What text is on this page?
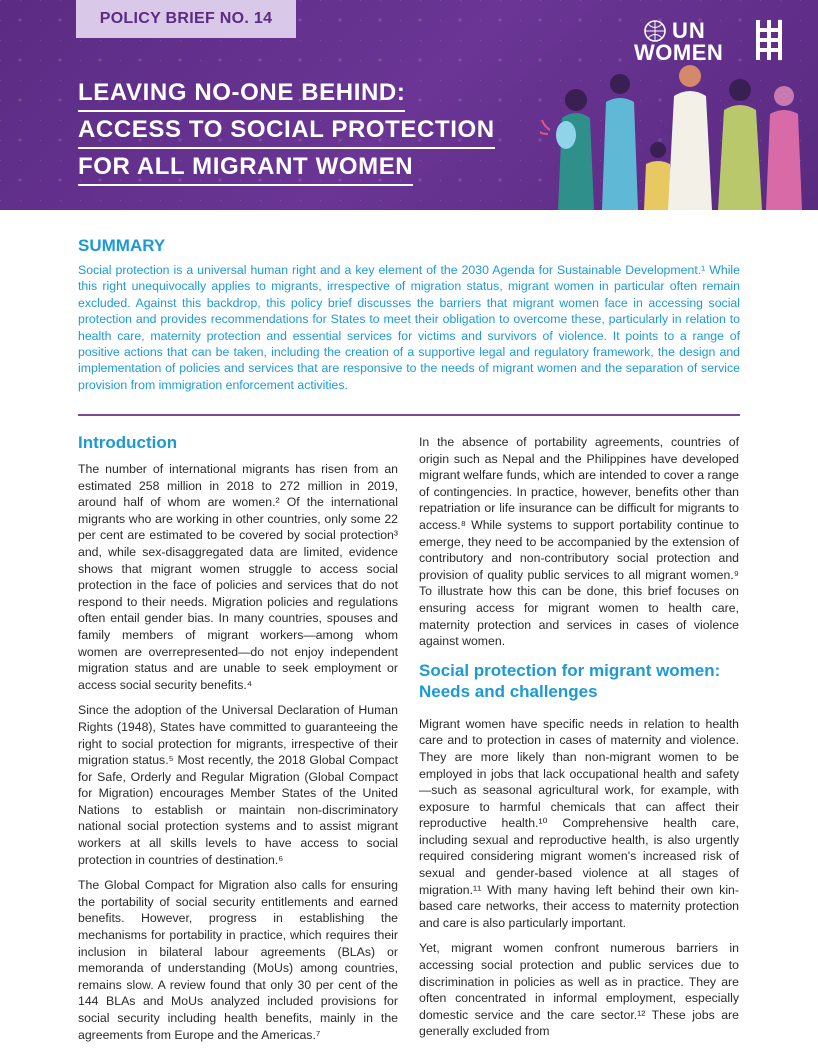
POLICY BRIEF NO. 14	UN
WOMEN
LEAVING NO-ONE BEHIND:
ACCESS TO SOCIAL PROTECTION
FOR ALL MIGRANT WOMEN
SUMMARY

Social protection is a universal human right and a key element of the 2030 Agenda for Sustainable Development.¹ While this right unequivocally applies to migrants, irrespective of migration status, migrant women in particular often remain excluded. Against this backdrop, this policy brief discusses the barriers that migrant women face in accessing social protection and provides recommendations for States to meet their obligation to overcome these, particularly in relation to health care, maternity protection and essential services for victims and survivors of violence. It points to a range of positive actions that can be taken, including the creation of a supportive legal and regulatory framework, the design and implementation of policies and services that are responsive to the needs of migrant women and the separation of service provision from immigration enforcement activities.

Introduction

The number of international migrants has risen from an estimated 258 million in 2018 to 272 million in 2019, around half of whom are women.² Of the international migrants who are working in other countries, only some 22 per cent are estimated to be covered by social protection³ and, while sex-disaggregated data are limited, evidence shows that migrant women struggle to access social protection in the face of policies and services that do not respond to their needs. Migration policies and regulations often entail gender bias. In many countries, spouses and family members of migrant workers—among whom women are overrepresented—do not enjoy independent migration status and are unable to seek employment or access social security benefits.⁴

Since the adoption of the Universal Declaration of Human Rights (1948), States have committed to guaranteeing the right to social protection for migrants, irrespective of their migration status.⁵ Most recently, the 2018 Global Compact for Safe, Orderly and Regular Migration (Global Compact for Migration) encourages Member States of the United Nations to establish or maintain non-discriminatory national social protection systems and to assist migrant workers at all skills levels to have access to social protection in countries of destination.⁶

The Global Compact for Migration also calls for ensuring the portability of social security entitlements and earned benefits. However, progress in establishing the mechanisms for portability in practice, which requires their inclusion in bilateral labour agreements (BLAs) or memoranda of understanding (MoUs) among countries, remains slow. A review found that only 30 per cent of the 144 BLAs and MoUs analyzed included provisions for social security including health benefits, mainly in the agreements from Europe and the Americas.⁷

In the absence of portability agreements, countries of origin such as Nepal and the Philippines have developed migrant welfare funds, which are intended to cover a range of contingencies. In practice, however, benefits other than repatriation or life insurance can be difficult for migrants to access.⁸ While systems to support portability continue to emerge, they need to be accompanied by the extension of contributory and non-contributory social protection and provision of quality public services to all migrant women.⁹ To illustrate how this can be done, this brief focuses on ensuring access for migrant women to health care, maternity protection and services in cases of violence against women.

Social protection for migrant women: Needs and challenges

Migrant women have specific needs in relation to health care and to protection in cases of maternity and violence. They are more likely than non-migrant women to be employed in jobs that lack occupational health and safety—such as seasonal agricultural work, for example, with exposure to harmful chemicals that can affect their reproductive health.¹⁰ Comprehensive health care, including sexual and reproductive health, is also urgently required considering migrant women's increased risk of sexual and gender-based violence at all stages of migration.¹¹ With many having left behind their own kin-based care networks, their access to maternity protection and care is also particularly important.

Yet, migrant women confront numerous barriers in accessing social protection and public services due to discrimination in policies as well as in practice. They are often concentrated in informal employment, especially domestic service and the care sector.¹² These jobs are generally excluded from
